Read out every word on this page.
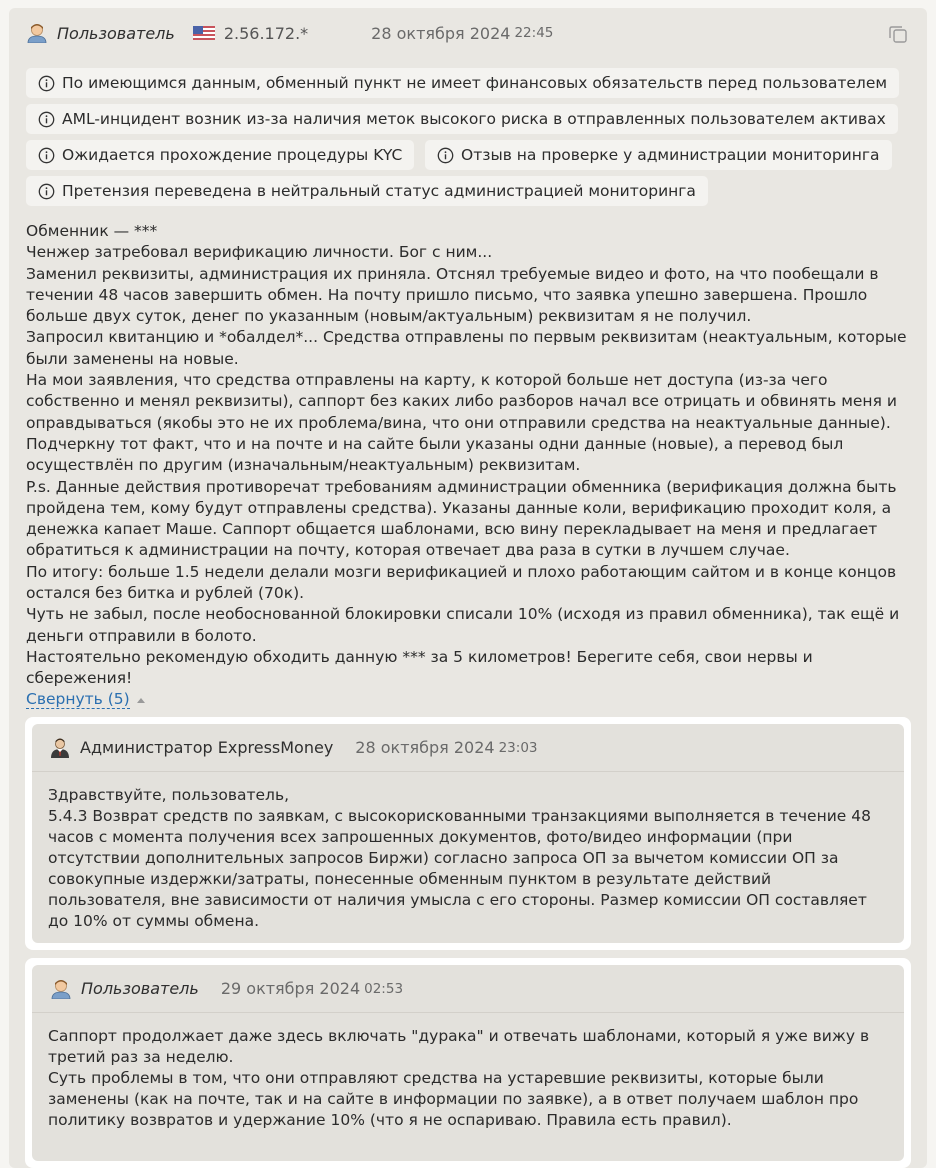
Пользователь	2.56.172.*	28 октября 2024 22:45
По имеющимся данным, обменный пункт не имеет финансовых обязательств перед пользователем
AML-инцидент возник из-за наличия меток высокого риска в отправленных пользователем активах
Ожидается прохождение процедуры KYC	Отзыв на проверке у администрации мониторинга
Претензия переведена в нейтральный статус администрацией мониторинга

Обменник — ***

Ченжер затребовал верификацию личности. Бог с ним...

Заменил реквизиты, администрация их приняла. Отснял требуемые видео и фото, на что пообещали в течении 48 часов завершить обмен. На почту пришло письмо, что заявка упешно завершена. Прошло больше двух суток, денег по указанным (новым/актуальным) реквизитам я не получил.

Запросил квитанцию и *обалдел*... Средства отправлены по первым реквизитам (неактуальным, которые были заменены на новые.

На мои заявления, что средства отправлены на карту, к которой больше нет доступа (из-за чего собственно и менял реквизиты), саппорт без каких либо разборов начал все отрицать и обвинять меня и оправдываться (якобы это не их проблема/вина, что они отправили средства на неактуальные данные). Подчеркну тот факт, что и на почте и на сайте были указаны одни данные (новые), а перевод был осуществлён по другим (изначальным/неактуальным) реквизитам.

P.s. Данные действия противоречат требованиям администрации обменника (верификация должна быть пройдена тем, кому будут отправлены средства). Указаны данные коли, верификацию проходит коля, а денежка капает Маше. Саппорт общается шаблонами, всю вину перекладывает на меня и предлагает обратиться к администрации на почту, которая отвечает два раза в сутки в лучшем случае.

По итогу: больше 1.5 недели делали мозги верификацией и плохо работающим сайтом и в конце концов остался без битка и рублей (70к).

Чуть не забыл, после необоснованной блокировки списали 10% (исходя из правил обменника), так ещё и деньги отправили в болото.

Настоятельно рекомендую обходить данную *** за 5 километров! Берегите себя, свои нервы и сбережения!

Свернуть (5)
Администратор ExpressMoney 28 октября 2024 23:03

Здравствуйте, пользователь,

5.4.3 Возврат средств по заявкам, с высокорискованными транзакциями выполняется в течение 48 часов с момента получения всех запрошенных документов, фото/видео информации (при отсутствии дополнительных запросов Биржи) согласно запроса ОП за вычетом комиссии ОП за совокупные издержки/затраты, понесенные обменным пунктом в результате действий пользователя, вне зависимости от наличия умысла с его стороны. Размер комиссии ОП составляет до 10% от суммы обмена.

Пользователь 29 октября 2024 02:53

Саппорт продолжает даже здесь включать "дурака" и отвечать шаблонами, который я уже вижу в третий раз за неделю.

Суть проблемы в том, что они отправляют средства на устаревшие реквизиты, которые были заменены (как на почте, так и на сайте в информации по заявке), а в ответ получаем шаблон про политику возвратов и удержание 10% (что я не оспариваю. Правила есть правил).
